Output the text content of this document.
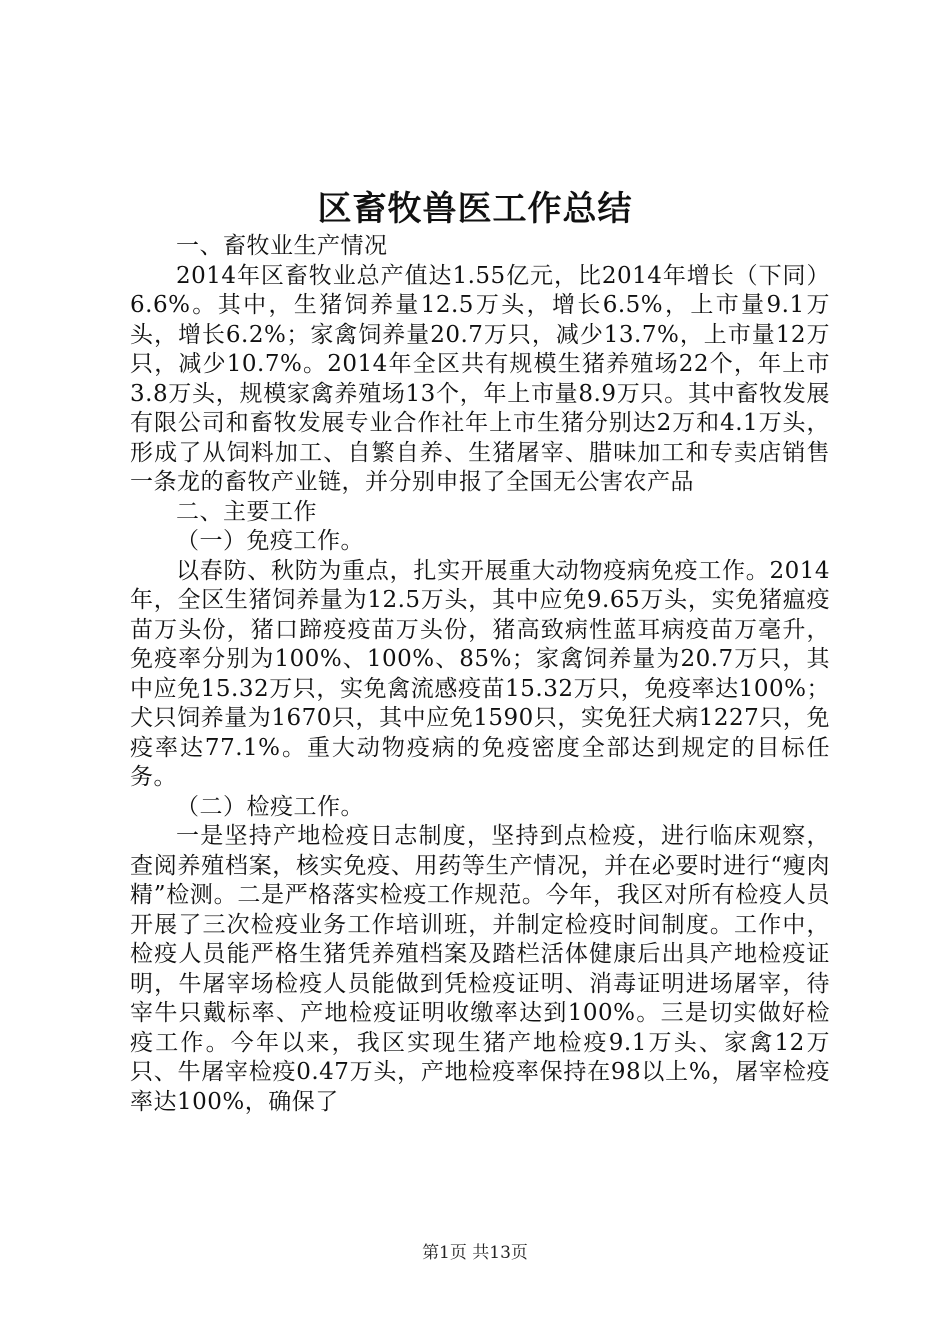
区畜牧兽医工作总结

一、畜牧业生产情况

2014年区畜牧业总产值达1.55亿元，比2014年增长（下同）6.6%。其中，生猪饲养量12.5万头，增长6.5%，上市量9.1万头，增长6.2%；家禽饲养量20.7万只，减少13.7%，上市量12万只，减少10.7%。2014年全区共有规模生猪养殖场22个，年上市3.8万头，规模家禽养殖场13个，年上市量8.9万只。其中畜牧发展有限公司和畜牧发展专业合作社年上市生猪分别达2万和4.1万头，形成了从饲料加工、自繁自养、生猪屠宰、腊味加工和专卖店销售一条龙的畜牧产业链，并分别申报了全国无公害农产品

二、主要工作

（一）免疫工作。

以春防、秋防为重点，扎实开展重大动物疫病免疫工作。2014年，全区生猪饲养量为12.5万头，其中应免9.65万头，实免猪瘟疫苗万头份，猪口蹄疫疫苗万头份，猪高致病性蓝耳病疫苗万毫升，免疫率分别为100%、100%、85%；家禽饲养量为20.7万只，其中应免15.32万只，实免禽流感疫苗15.32万只，免疫率达100%；犬只饲养量为1670只，其中应免1590只，实免狂犬病1227只，免疫率达77.1%。重大动物疫病的免疫密度全部达到规定的目标任务。

（二）检疫工作。

一是坚持产地检疫日志制度，坚持到点检疫，进行临床观察，查阅养殖档案，核实免疫、用药等生产情况，并在必要时进行“瘦肉精”检测。二是严格落实检疫工作规范。今年，我区对所有检疫人员开展了三次检疫业务工作培训班，并制定检疫时间制度。工作中，检疫人员能严格生猪凭养殖档案及踏栏活体健康后出具产地检疫证明，牛屠宰场检疫人员能做到凭检疫证明、消毒证明进场屠宰，待宰牛只戴标率、产地检疫证明收缴率达到100%。三是切实做好检疫工作。今年以来，我区实现生猪产地检疫9.1万头、家禽12万只、牛屠宰检疫0.47万头，产地检疫率保持在98以上%，屠宰检疫率达100%，确保了

第1页 共13页
